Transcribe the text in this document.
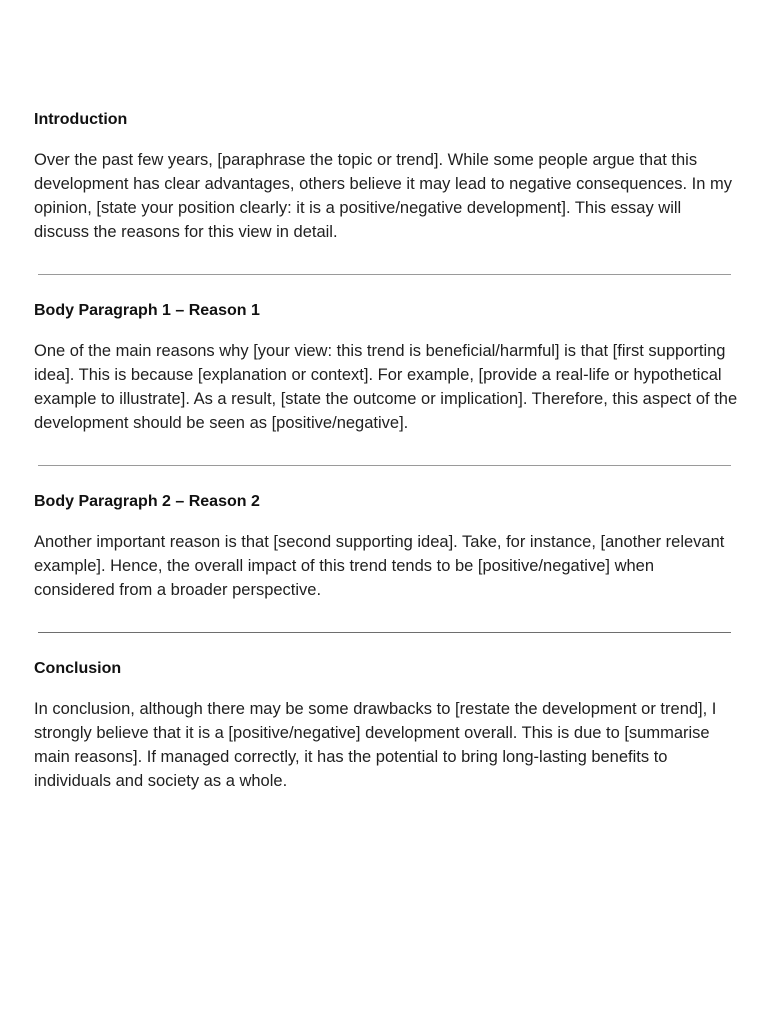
Introduction

Over the past few years, [paraphrase the topic or trend]. While some people argue that this development has clear advantages, others believe it may lead to negative consequences. In my opinion, [state your position clearly: it is a positive/negative development]. This essay will discuss the reasons for this view in detail.

Body Paragraph 1 – Reason 1

One of the main reasons why [your view: this trend is beneficial/harmful] is that [first supporting idea]. This is because [explanation or context]. For example, [provide a real-life or hypothetical example to illustrate]. As a result, [state the outcome or implication]. Therefore, this aspect of the development should be seen as [positive/negative].

Body Paragraph 2 – Reason 2

Another important reason is that [second supporting idea]. Take, for instance, [another relevant example]. Hence, the overall impact of this trend tends to be [positive/negative] when considered from a broader perspective.

Conclusion

In conclusion, although there may be some drawbacks to [restate the development or trend], I strongly believe that it is a [positive/negative] development overall. This is due to [summarise main reasons]. If managed correctly, it has the potential to bring long-lasting benefits to individuals and society as a whole.
